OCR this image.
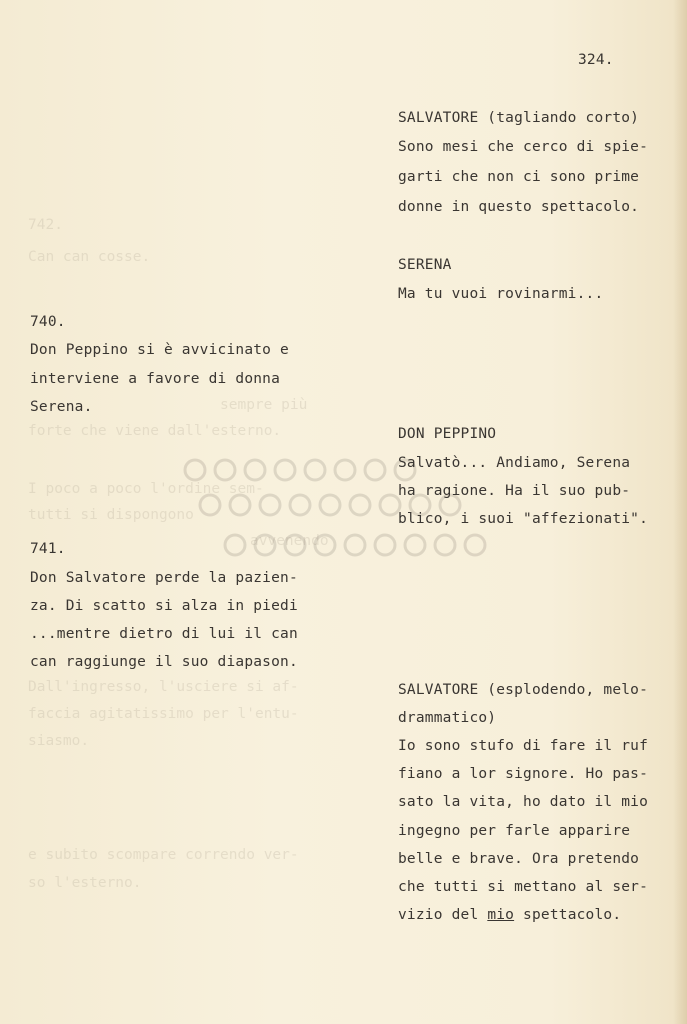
742.
Can can cosse.
sempre più
forte che viene dall'esterno.
I poco a poco l'ordine sem-
tutti si dispongono
avvenendo
Dall'ingresso, l'usciere si af-
faccia agitatissimo per l'entu-
siasmo.
e subito scompare correndo ver-
so l'esterno.
324.
SALVATORE (tagliando corto)
Sono mesi che cerco di spie-
garti che non ci sono prime
donne in questo spettacolo.
SERENA
Ma tu vuoi rovinarmi...
740.
Don Peppino si è avvicinato e
interviene a favore di donna
Serena.
DON PEPPINO
Salvatò... Andiamo, Serena
ha ragione. Ha il suo pub-
blico, i suoi "affezionati".
741.
Don Salvatore perde la pazien-
za. Di scatto si alza in piedi
...mentre dietro di lui il can
can raggiunge il suo diapason.
SALVATORE (esplodendo, melo-
drammatico)
Io sono stufo di fare il ruf
fiano a lor signore. Ho pas-
sato la vita, ho dato il mio
ingegno per farle apparire
belle e brave. Ora pretendo
che tutti si mettano al ser-
vizio del mio spettacolo.
